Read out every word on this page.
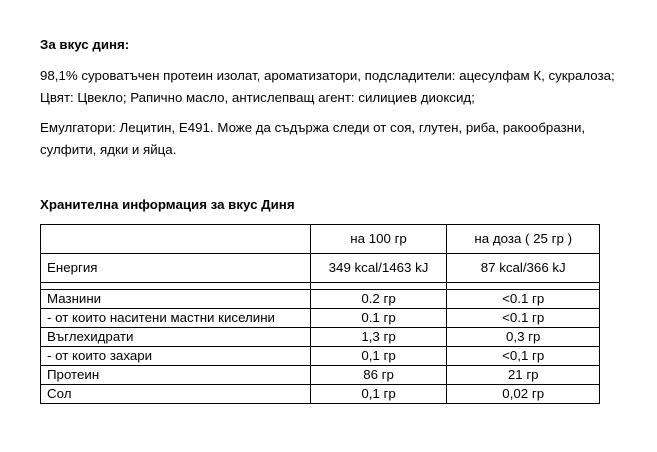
За вкус диня:
98,1% суроватъчен протеин изолат, ароматизатори, подсладители: ацесулфам К, сукралоза;
Цвят: Цвекло; Рапично масло, антислепващ агент: силициев диоксид;
Емулгатори: Лецитин, Е491. Може да съдържа следи от соя, глутен, риба, ракообразни,
сулфити, ядки и яйца.
Хранителна информация за вкус Диня
	на 100 гр	на доза ( 25 гр )
Енергия	349 kcal/1463 kJ	87 kcal/366 kJ

Мазнини	0.2 гр	<0.1 гр
- от които наситени мастни киселини	0.1 гр	<0.1 гр
Въглехидрати	1,3 гр	0,3 гр
- от които захари	0,1 гр	<0,1 гр
Протеин	86 гр	21 гр
Сол	0,1 гр	0,02 гр
